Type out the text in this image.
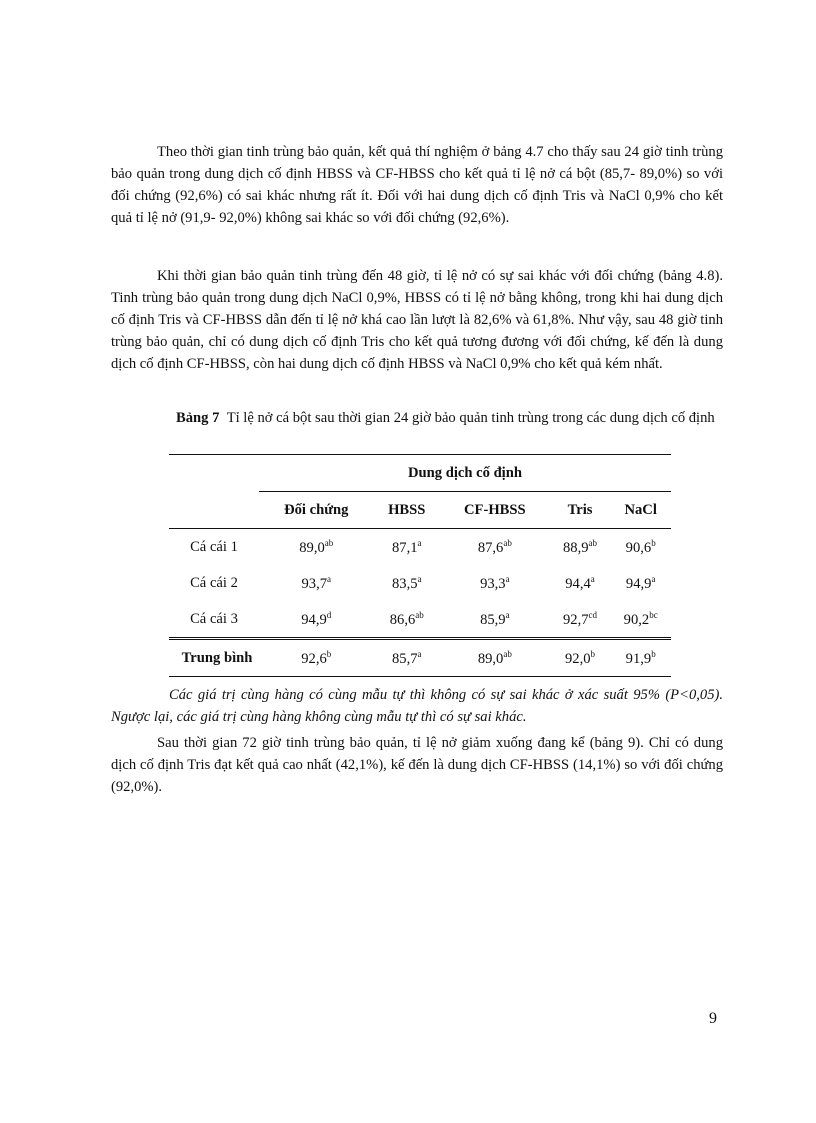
Theo thời gian tinh trùng bảo quản, kết quả thí nghiệm ở bảng 4.7 cho thấy sau 24 giờ tinh trùng bảo quản trong dung dịch cố định HBSS và CF-HBSS cho kết quả tỉ lệ nở cá bột (85,7- 89,0%) so với đối chứng (92,6%) có sai khác nhưng rất ít. Đối với hai dung dịch cố định Tris và NaCl 0,9% cho kết quả tỉ lệ nở (91,9- 92,0%) không sai khác so với đối chứng (92,6%).

Khi thời gian bảo quản tinh trùng đến 48 giờ, tỉ lệ nở có sự sai khác với đối chứng (bảng 4.8). Tinh trùng bảo quản trong dung dịch NaCl 0,9%, HBSS có tỉ lệ nở bằng không, trong khi hai dung dịch cố định Tris và CF-HBSS dẫn đến tỉ lệ nở khá cao lần lượt là 82,6% và 61,8%. Như vậy, sau 48 giờ tinh trùng bảo quản, chỉ có dung dịch cố định Tris cho kết quả tương đương với đối chứng, kế đến là dung dịch cố định CF-HBSS, còn hai dung dịch cố định HBSS và NaCl 0,9% cho kết quả kém nhất.

Bảng 7 Tỉ lệ nở cá bột sau thời gian 24 giờ bảo quản tinh trùng trong các dung dịch cố định

	Dung dịch cố định				
	Đối chứng	HBSS	CF-HBSS	Tris	NaCl
Cá cái 1	89,0$^{ab}$	87,1$^a$	87,6$^{ab}$	88,9$^{ab}$	90,6$^b$
Cá cái 2	93,7$^a$	83,5$^a$	93,3$^a$	94,4$^a$	94,9$^a$
Cá cái 3	94,9$^d$	86,6$^{ab}$	85,9$^a$	92,7$^{cd}$	90,2$^{bc}$
Trung bình	92,6$^b$	85,7$^a$	89,0$^{ab}$	92,0$^b$	91,9$^b$

Các giá trị cùng hàng có cùng mẫu tự thì không có sự sai khác ở xác suất 95% (P<0,05). Ngược lại, các giá trị cùng hàng không cùng mẫu tự thì có sự sai khác.

Sau thời gian 72 giờ tinh trùng bảo quản, tỉ lệ nở giảm xuống đang kể (bảng 9). Chỉ có dung dịch cố định Tris đạt kết quả cao nhất (42,1%), kế đến là dung dịch CF-HBSS (14,1%) so với đối chứng (92,0%).

9
